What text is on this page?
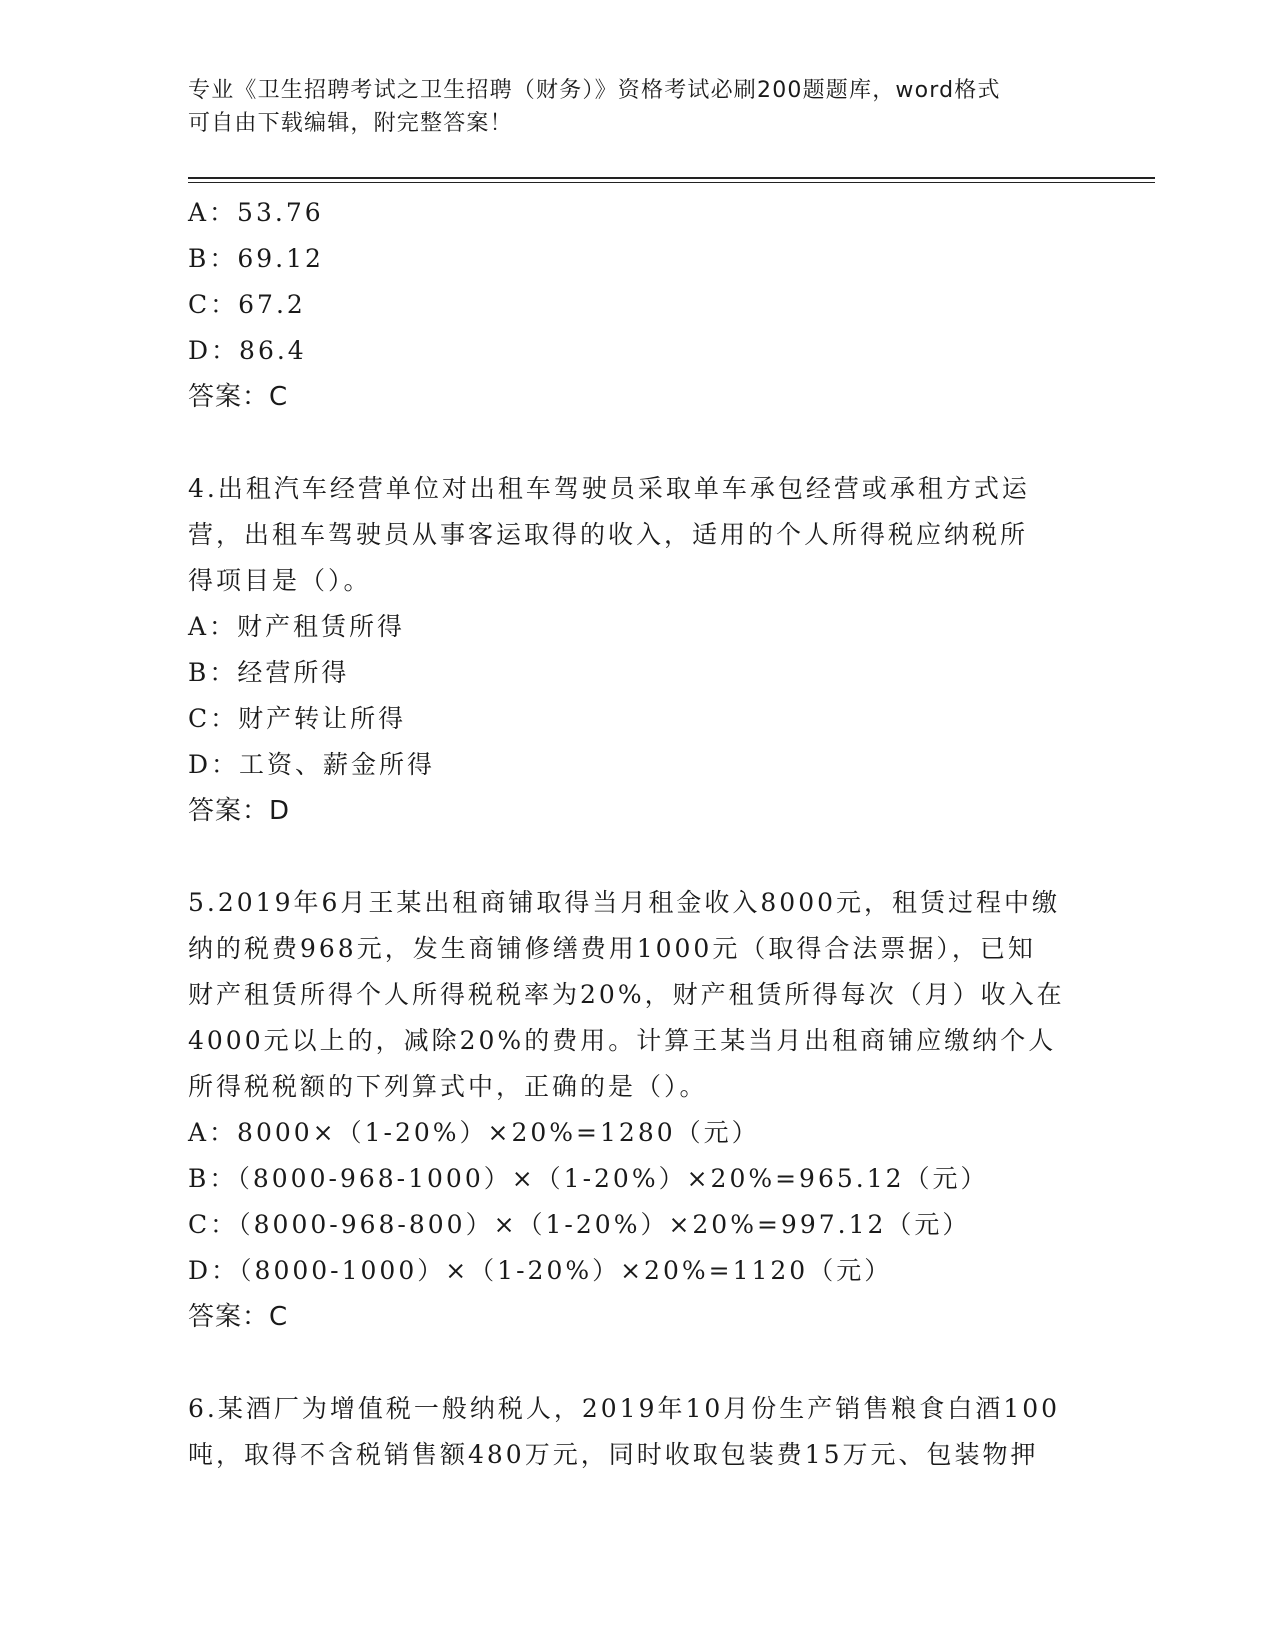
专业《卫生招聘考试之卫生招聘（财务）》资格考试必刷200题题库，word格式
可自由下载编辑，附完整答案！
A：53.76
B：69.12
C：67.2
D：86.4
答案：C
4.出租汽车经营单位对出租车驾驶员采取单车承包经营或承租方式运
营，出租车驾驶员从事客运取得的收入，适用的个人所得税应纳税所
得项目是（）。
A：财产租赁所得
B：经营所得
C：财产转让所得
D：工资、薪金所得
答案：D
5.2019年6月王某出租商铺取得当月租金收入8000元，租赁过程中缴
纳的税费968元，发生商铺修缮费用1000元（取得合法票据），已知
财产租赁所得个人所得税税率为20%，财产租赁所得每次（月）收入在
4000元以上的，减除20%的费用。计算王某当月出租商铺应缴纳个人
所得税税额的下列算式中，正确的是（）。
A：8000×（1-20%）×20%=1280（元）
B：（8000-968-1000）×（1-20%）×20%=965.12（元）
C：（8000-968-800）×（1-20%）×20%=997.12（元）
D：（8000-1000）×（1-20%）×20%=1120（元）
答案：C
6.某酒厂为增值税一般纳税人，2019年10月份生产销售粮食白酒100
吨，取得不含税销售额480万元，同时收取包装费15万元、包装物押
